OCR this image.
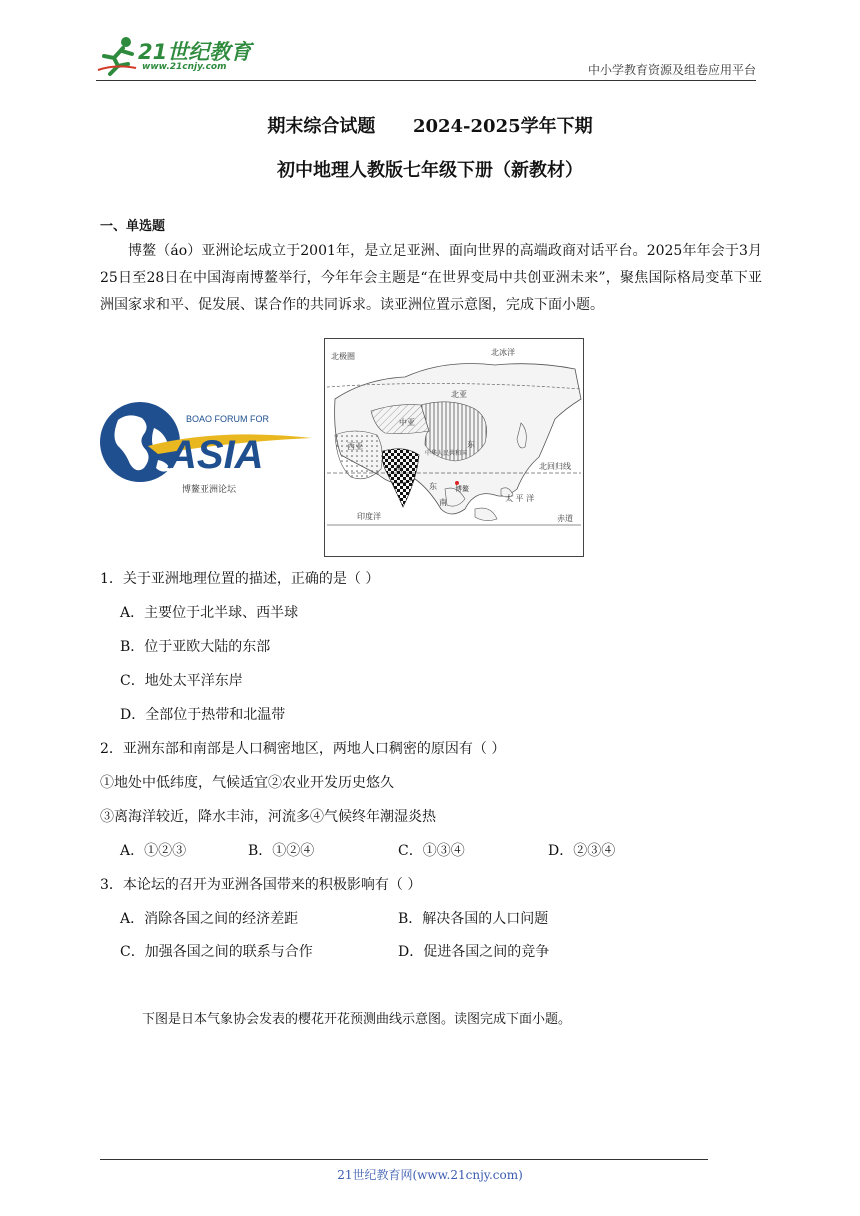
21世纪教育
www.21cnjy.com	中小学教育资源及组卷应用平台
期末综合试题      2024-2025学年下期
初中地理人教版七年级下册（新教材）
一、单选题
博鳌（áo）亚洲论坛成立于2001年，是立足亚洲、面向世界的高端政商对话平台。2025年年会于3月25日至28日在中国海南博鳌举行，今年年会主题是“在世界变局中共创亚洲未来”，聚焦国际格局变革下亚洲国家求和平、促发展、谋合作的共同诉求。读亚洲位置示意图，完成下面小题。
BOAO FORUM FOR
ASIA
博鳌亚洲论坛
北极圈	北冰洋
北亚
中亚
西亚	东
中华人民共和国
南
东
南
博鳌
北回归线
太 平 洋
印度洋	赤道
1．关于亚洲地理位置的描述，正确的是（ ）
A．主要位于北半球、西半球
B．位于亚欧大陆的东部
C．地处太平洋东岸
D．全部位于热带和北温带
2．亚洲东部和南部是人口稠密地区，两地人口稠密的原因有（ ）
①地处中低纬度，气候适宜②农业开发历史悠久
③离海洋较近，降水丰沛，河流多④气候终年潮湿炎热
A．①②③	B．①②④	C．①③④	D．②③④
3．本论坛的召开为亚洲各国带来的积极影响有（ ）
A．消除各国之间的经济差距	B．解决各国的人口问题
C．加强各国之间的联系与合作	D．促进各国之间的竞争
下图是日本气象协会发表的樱花开花预测曲线示意图。读图完成下面小题。
21世纪教育网(www.21cnjy.com)
